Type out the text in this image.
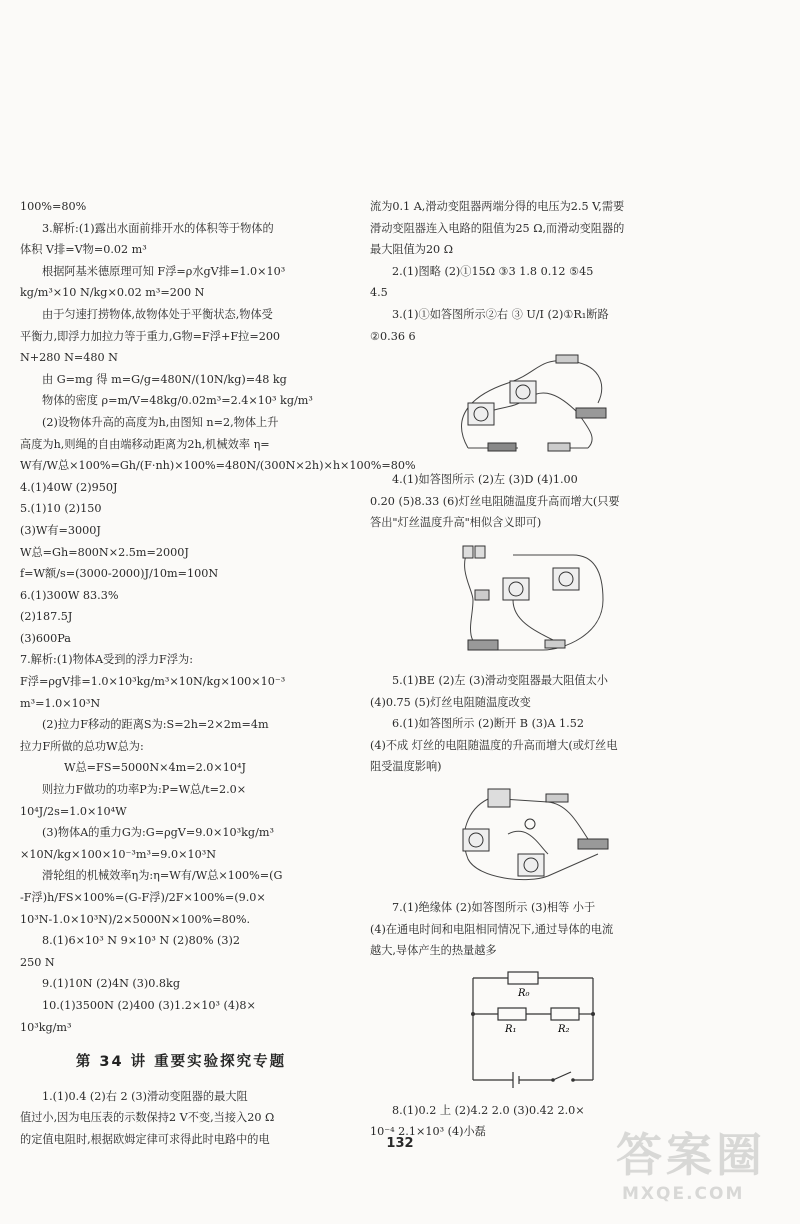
100%=80%
3.解析:(1)露出水面前排开水的体积等于物体的
体积 V排=V物=0.02 m³
根据阿基米德原理可知 F浮=ρ水gV排=1.0×10³
kg/m³×10 N/kg×0.02 m³=200 N
由于匀速打捞物体,故物体处于平衡状态,物体受
平衡力,即浮力加拉力等于重力,G物=F浮+F拉=200
N+280 N=480 N
由 G=mg 得 m=G/g=480N/(10N/kg)=48 kg
物体的密度 ρ=m/V=48kg/0.02m³=2.4×10³ kg/m³
(2)设物体升高的高度为h,由图知 n=2,物体上升
高度为h,则绳的自由端移动距离为2h,机械效率 η=
W有/W总×100%=Gh/(F·nh)×100%=480N/(300N×2h)×h×100%=80%
4.(1)40W (2)950J
5.(1)10 (2)150
(3)W有=3000J
W总=Gh=800N×2.5m=2000J
f=W额/s=(3000-2000)J/10m=100N
6.(1)300W 83.3%
(2)187.5J
(3)600Pa
7.解析:(1)物体A受到的浮力F浮为:
F浮=ρgV排=1.0×10³kg/m³×10N/kg×100×10⁻³
m³=1.0×10³N
(2)拉力F移动的距离S为:S=2h=2×2m=4m
拉力F所做的总功W总为:
W总=FS=5000N×4m=2.0×10⁴J
则拉力F做功的功率P为:P=W总/t=2.0×
10⁴J/2s=1.0×10⁴W
(3)物体A的重力G为:G=ρgV=9.0×10³kg/m³
×10N/kg×100×10⁻³m³=9.0×10³N
滑轮组的机械效率η为:η=W有/W总×100%=(G
-F浮)h/FS×100%=(G-F浮)/2F×100%=(9.0×
10³N-1.0×10³N)/2×5000N×100%=80%.
8.(1)6×10³ N 9×10³ N (2)80% (3)2
250 N
9.(1)10N (2)4N (3)0.8kg
10.(1)3500N (2)400 (3)1.2×10³ (4)8×
10³kg/m³
第 34 讲 重要实验探究专题
1.(1)0.4 (2)右 2 (3)滑动变阻器的最大阻
值过小,因为电压表的示数保持2 V不变,当接入20 Ω
的定值电阻时,根据欧姆定律可求得此时电路中的电
流为0.1 A,滑动变阻器两端分得的电压为2.5 V,需要
滑动变阻器连入电路的阻值为25 Ω,而滑动变阻器的
最大阻值为20 Ω
2.(1)图略 (2)①15Ω ③3 1.8 0.12 ⑤45
4.5
3.(1)①如答图所示②右 ③ U/I (2)①R₁断路
②0.36 6
4.(1)如答图所示 (2)左 (3)D (4)1.00
0.20 (5)8.33 (6)灯丝电阻随温度升高而增大(只要
答出"灯丝温度升高"相似含义即可)
5.(1)BE (2)左 (3)滑动变阻器最大阻值太小
(4)0.75 (5)灯丝电阻随温度改变
6.(1)如答图所示 (2)断开 B (3)A 1.52
(4)不成 灯丝的电阻随温度的升高而增大(或灯丝电
阻受温度影响)
7.(1)绝缘体 (2)如答图所示 (3)相等 小于
(4)在通电时间和电阻相同情况下,通过导体的电流
越大,导体产生的热量越多
R₀
R₁	R₂
8.(1)0.2 上 (2)4.2 2.0 (3)0.42 2.0×
10⁻⁴ 2.1×10³ (4)小磊
132	答案圈
MXQE.COM
